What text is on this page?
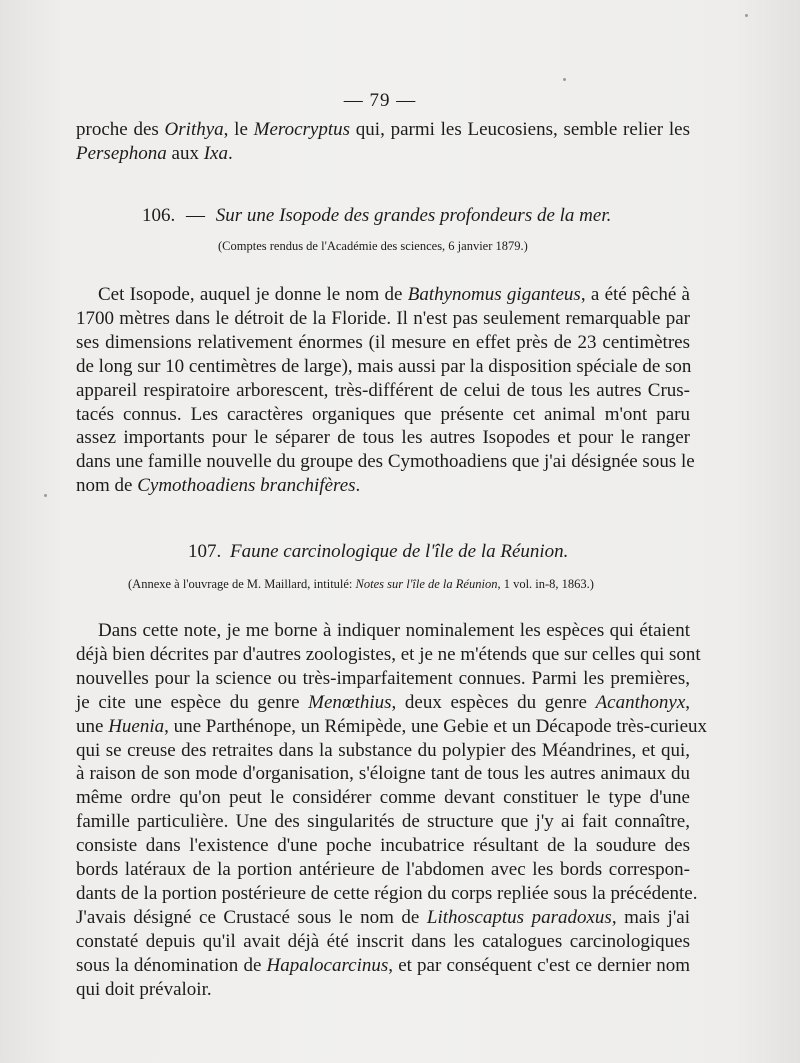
— 79 —

proche des Orithya, le Merocryptus qui, parmi les Leucosiens, semble relier les
Persephona aux Ixa.

106. — Sur une Isopode des grandes profondeurs de la mer.
(Comptes rendus de l'Académie des sciences, 6 janvier 1879.)

Cet Isopode, auquel je donne le nom de Bathynomus giganteus, a été pêché à
1700 mètres dans le détroit de la Floride. Il n'est pas seulement remarquable par
ses dimensions relativement énormes (il mesure en effet près de 23 centimètres
de long sur 10 centimètres de large), mais aussi par la disposition spéciale de son
appareil respiratoire arborescent, très-différent de celui de tous les autres Crus-
tacés connus. Les caractères organiques que présente cet animal m'ont paru
assez importants pour le séparer de tous les autres Isopodes et pour le ranger
dans une famille nouvelle du groupe des Cymothoadiens que j'ai désignée sous le
nom de Cymothoadiens branchifères.

107. Faune carcinologique de l'île de la Réunion.
(Annexe à l'ouvrage de M. Maillard, intitulé: Notes sur l'île de la Réunion, 1 vol. in-8, 1863.)

Dans cette note, je me borne à indiquer nominalement les espèces qui étaient
déjà bien décrites par d'autres zoologistes, et je ne m'étends que sur celles qui sont
nouvelles pour la science ou très-imparfaitement connues. Parmi les premières,
je cite une espèce du genre Menœthius, deux espèces du genre Acanthonyx,
une Huenia, une Parthénope, un Rémipède, une Gebie et un Décapode très-curieux
qui se creuse des retraites dans la substance du polypier des Méandrines, et qui,
à raison de son mode d'organisation, s'éloigne tant de tous les autres animaux du
même ordre qu'on peut le considérer comme devant constituer le type d'une
famille particulière. Une des singularités de structure que j'y ai fait connaître,
consiste dans l'existence d'une poche incubatrice résultant de la soudure des
bords latéraux de la portion antérieure de l'abdomen avec les bords correspon-
dants de la portion postérieure de cette région du corps repliée sous la précédente.
J'avais désigné ce Crustacé sous le nom de Lithoscaptus paradoxus, mais j'ai
constaté depuis qu'il avait déjà été inscrit dans les catalogues carcinologiques
sous la dénomination de Hapalocarcinus, et par conséquent c'est ce dernier nom
qui doit prévaloir.
